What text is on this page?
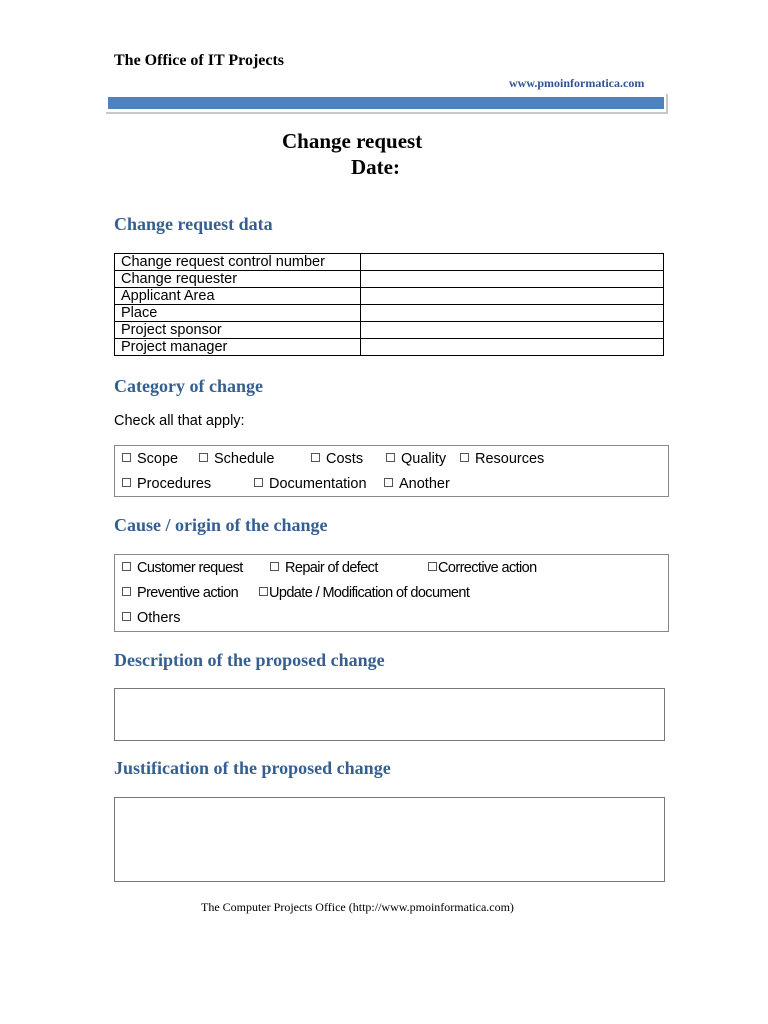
The Office of IT Projects
www.pmoinformatica.com
Change request
Date:
Change request data
Change request control number	
Change requester	
Applicant Area	
Place	
Project sponsor	
Project manager	
Category of change
Check all that apply:
Scope	Schedule	Costs	Quality	Resources
Procedures	Documentation	Another
Cause / origin of the change
Customer request	Repair of defect	Corrective action
Preventive action	Update / Modification of document
Others
Description of the proposed change
Justification of the proposed change
The Computer Projects Office (http://www.pmoinformatica.com)
